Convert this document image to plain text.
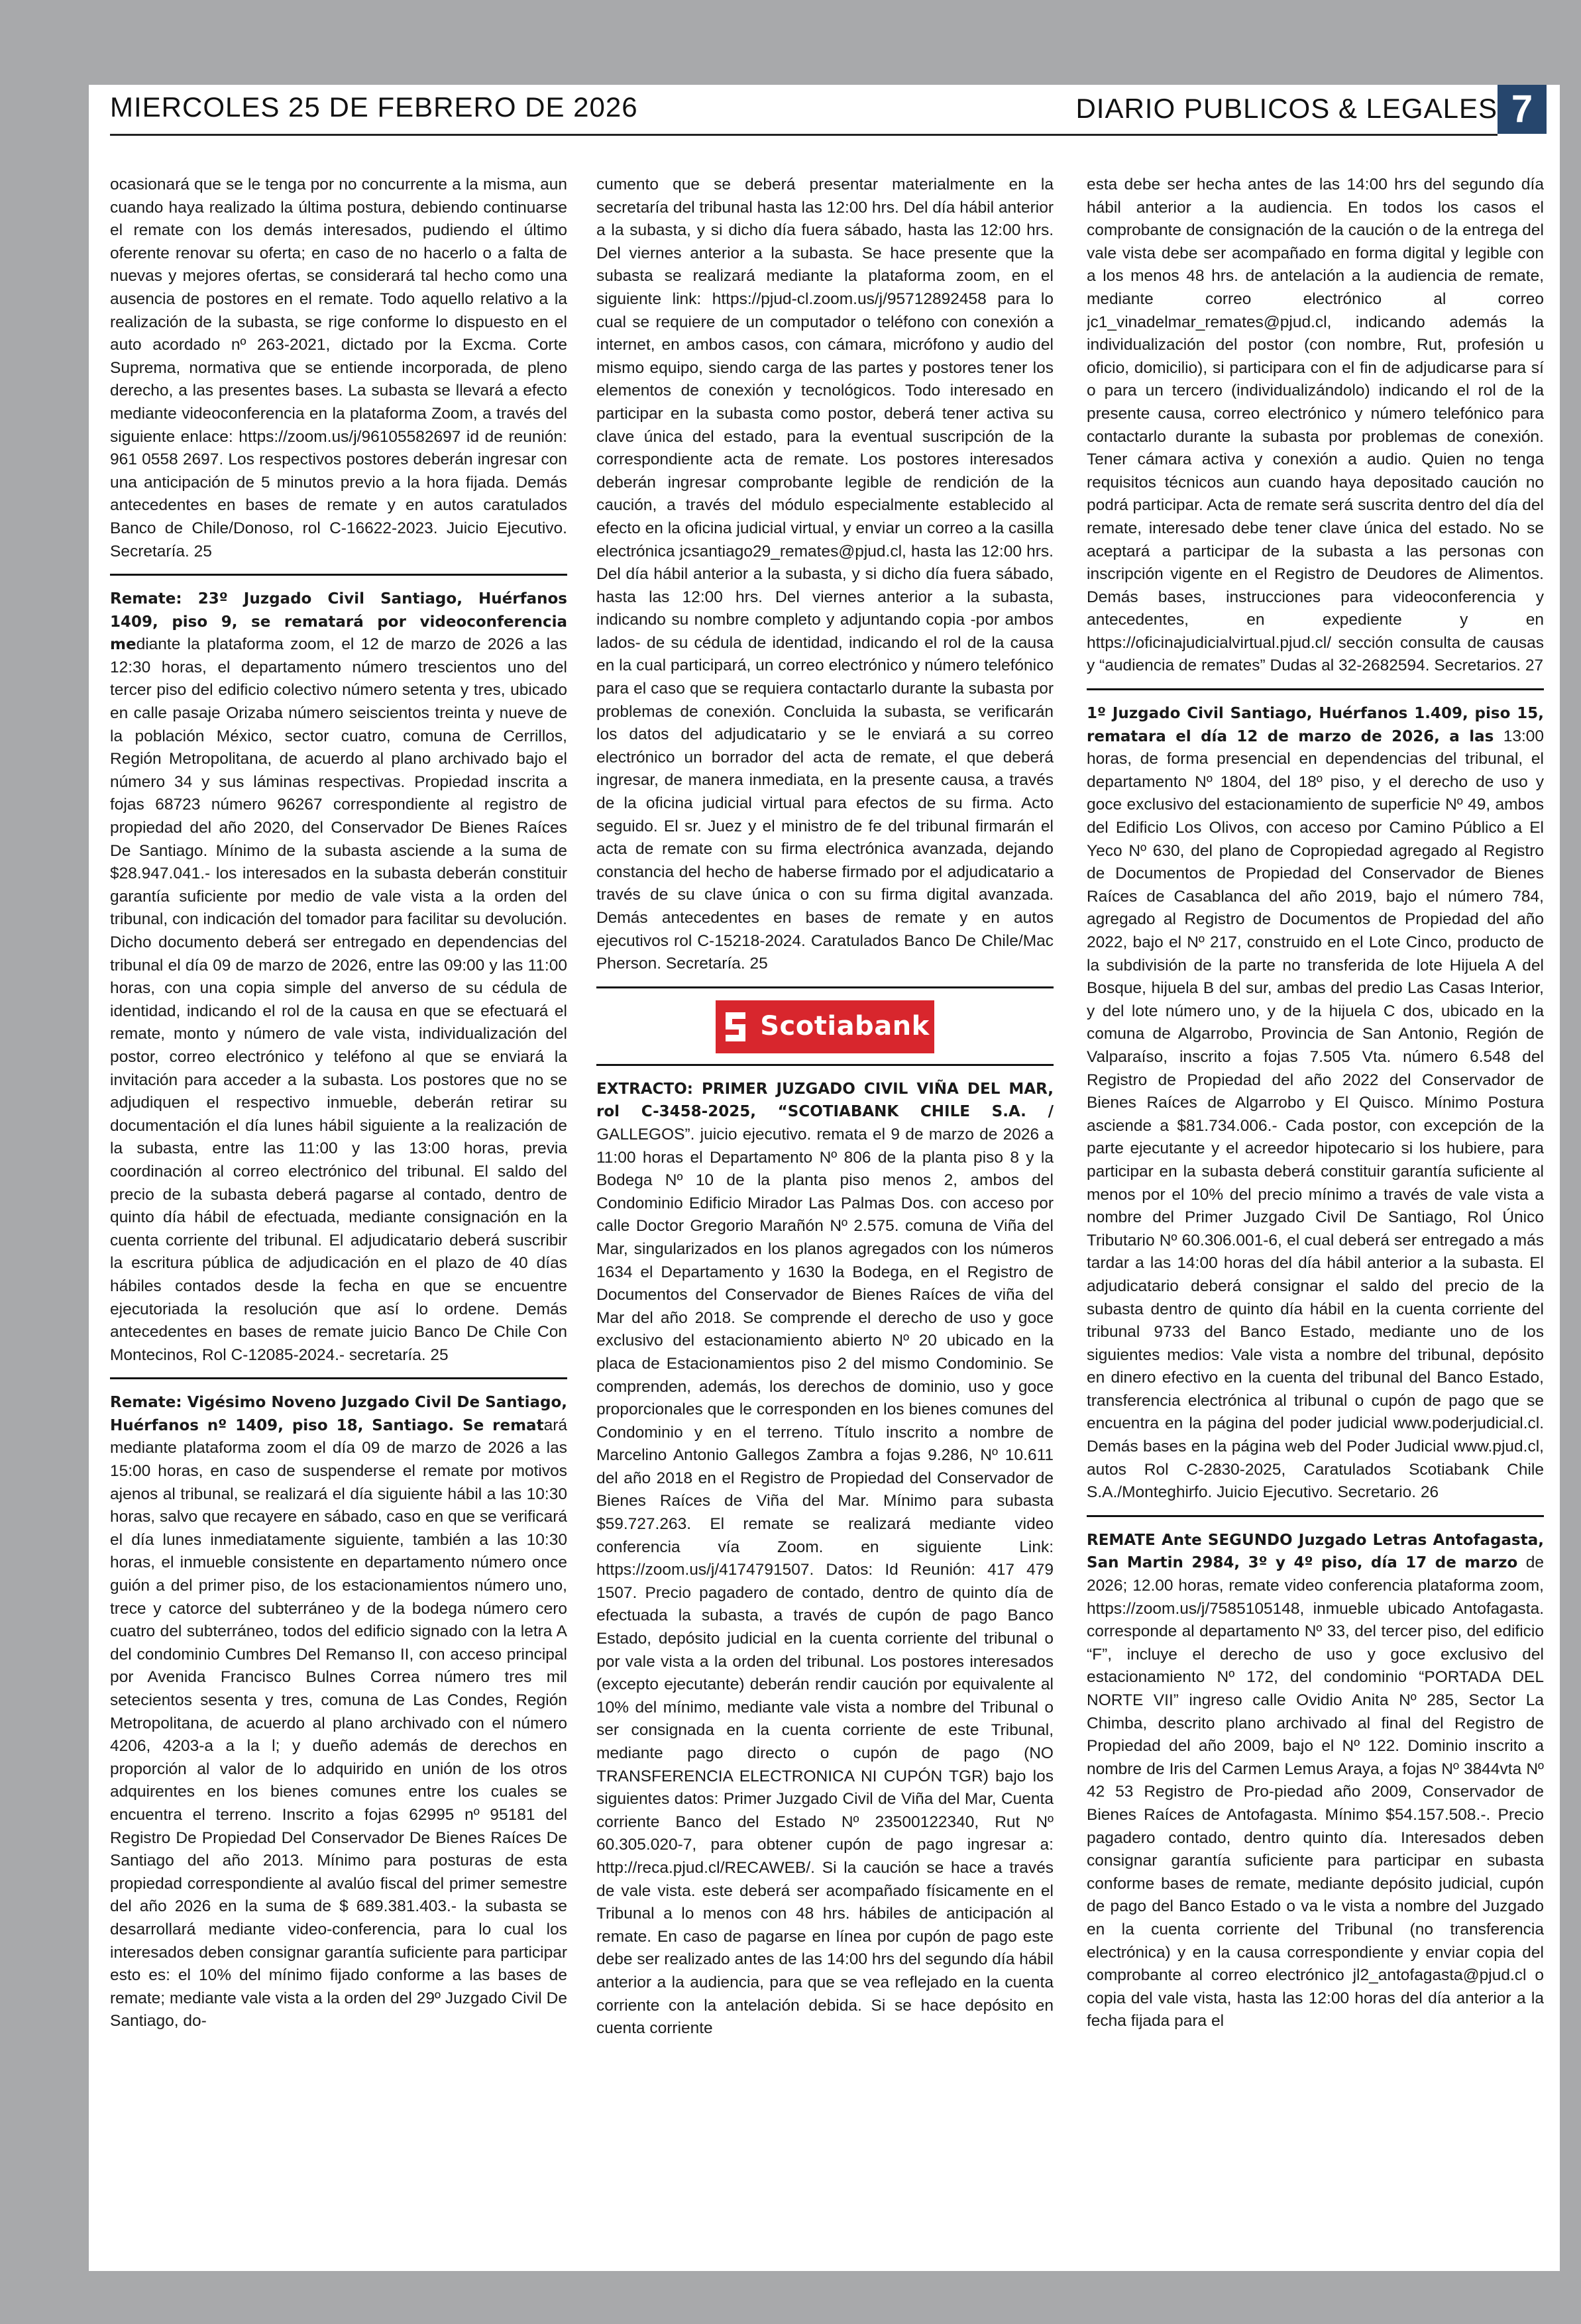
MIERCOLES 25 DE FEBRERO DE 2026	DIARIO PUBLICOS & LEGALES 7

ocasionará que se le tenga por no concurrente a la misma, aun cuando haya realizado la última postura, debiendo continuarse el remate con los demás interesados, pudiendo el último oferente renovar su oferta; en caso de no hacerlo o a falta de nuevas y mejores ofertas, se considerará tal hecho como una ausencia de postores en el remate. Todo aquello relativo a la realización de la subasta, se rige conforme lo dispuesto en el auto acordado nº 263-2021, dictado por la Excma. Corte Suprema, normativa que se entiende incorporada, de pleno derecho, a las presentes bases. La subasta se llevará a efecto mediante videoconferencia en la plataforma Zoom, a través del siguiente enlace: https://zoom.us/j/96105582697 id de reunión: 961 0558 2697. Los respectivos postores deberán ingresar con una anticipación de 5 minutos previo a la hora fijada. Demás antecedentes en bases de remate y en autos caratulados Banco de Chile/Donoso, rol C-16622-2023. Juicio Ejecutivo. Secretaría. 25

Remate: 23º Juzgado Civil Santiago, Huérfanos 1409, piso 9, se rematará por videoconferencia mediante la plataforma zoom, el 12 de marzo de 2026 a las 12:30 horas, el departamento número trescientos uno del tercer piso del edificio colectivo número setenta y tres, ubicado en calle pasaje Orizaba número seiscientos treinta y nueve de la población México, sector cuatro, comuna de Cerrillos, Región Metropolitana, de acuerdo al plano archivado bajo el número 34 y sus láminas respectivas. Propiedad inscrita a fojas 68723 número 96267 correspondiente al registro de propiedad del año 2020, del Conservador De Bienes Raíces De Santiago. Mínimo de la subasta asciende a la suma de $28.947.041.- los interesados en la subasta deberán constituir garantía suficiente por medio de vale vista a la orden del tribunal, con indicación del tomador para facilitar su devolución. Dicho documento deberá ser entregado en dependencias del tribunal el día 09 de marzo de 2026, entre las 09:00 y las 11:00 horas, con una copia simple del anverso de su cédula de identidad, indicando el rol de la causa en que se efectuará el remate, monto y número de vale vista, individualización del postor, correo electrónico y teléfono al que se enviará la invitación para acceder a la subasta. Los postores que no se adjudiquen el respectivo inmueble, deberán retirar su documentación el día lunes hábil siguiente a la realización de la subasta, entre las 11:00 y las 13:00 horas, previa coordinación al correo electrónico del tribunal. El saldo del precio de la subasta deberá pagarse al contado, dentro de quinto día hábil de efectuada, mediante consignación en la cuenta corriente del tribunal. El adjudicatario deberá suscribir la escritura pública de adjudicación en el plazo de 40 días hábiles contados desde la fecha en que se encuentre ejecutoriada la resolución que así lo ordene. Demás antecedentes en bases de remate juicio Banco De Chile Con Montecinos, Rol C-12085-2024.- secretaría. 25

Remate: Vigésimo Noveno Juzgado Civil De Santiago, Huérfanos nº 1409, piso 18, Santiago. Se rematará mediante plataforma zoom el día 09 de marzo de 2026 a las 15:00 horas, en caso de suspenderse el remate por motivos ajenos al tribunal, se realizará el día siguiente hábil a las 10:30 horas, salvo que recayere en sábado, caso en que se verificará el día lunes inmediatamente siguiente, también a las 10:30 horas, el inmueble consistente en departamento número once guión a del primer piso, de los estacionamientos número uno, trece y catorce del subterráneo y de la bodega número cero cuatro del subterráneo, todos del edificio signado con la letra A del condominio Cumbres Del Remanso II, con acceso principal por Avenida Francisco Bulnes Correa número tres mil setecientos sesenta y tres, comuna de Las Condes, Región Metropolitana, de acuerdo al plano archivado con el número 4206, 4203-a a la l; y dueño además de derechos en proporción al valor de lo adquirido en unión de los otros adquirentes en los bienes comunes entre los cuales se encuentra el terreno. Inscrito a fojas 62995 nº 95181 del Registro De Propiedad Del Conservador De Bienes Raíces De Santiago del año 2013. Mínimo para posturas de esta propiedad correspondiente al avalúo fiscal del primer semestre del año 2026 en la suma de $ 689.381.403.- la subasta se desarrollará mediante video-conferencia, para lo cual los interesados deben consignar garantía suficiente para participar esto es: el 10% del mínimo fijado conforme a las bases de remate; mediante vale vista a la orden del 29º Juzgado Civil De Santiago, do-

cumento que se deberá presentar materialmente en la secretaría del tribunal hasta las 12:00 hrs. Del día hábil anterior a la subasta, y si dicho día fuera sábado, hasta las 12:00 hrs. Del viernes anterior a la subasta. Se hace presente que la subasta se realizará mediante la plataforma zoom, en el siguiente link: https://pjud-cl.zoom.us/j/95712892458 para lo cual se requiere de un computador o teléfono con conexión a internet, en ambos casos, con cámara, micrófono y audio del mismo equipo, siendo carga de las partes y postores tener los elementos de conexión y tecnológicos. Todo interesado en participar en la subasta como postor, deberá tener activa su clave única del estado, para la eventual suscripción de la correspondiente acta de remate. Los postores interesados deberán ingresar comprobante legible de rendición de la caución, a través del módulo especialmente establecido al efecto en la oficina judicial virtual, y enviar un correo a la casilla electrónica jcsantiago29_remates@pjud.cl, hasta las 12:00 hrs. Del día hábil anterior a la subasta, y si dicho día fuera sábado, hasta las 12:00 hrs. Del viernes anterior a la subasta, indicando su nombre completo y adjuntando copia -por ambos lados- de su cédula de identidad, indicando el rol de la causa en la cual participará, un correo electrónico y número telefónico para el caso que se requiera contactarlo durante la subasta por problemas de conexión. Concluida la subasta, se verificarán los datos del adjudicatario y se le enviará a su correo electrónico un borrador del acta de remate, el que deberá ingresar, de manera inmediata, en la presente causa, a través de la oficina judicial virtual para efectos de su firma. Acto seguido. El sr. Juez y el ministro de fe del tribunal firmarán el acta de remate con su firma electrónica avanzada, dejando constancia del hecho de haberse firmado por el adjudicatario a través de su clave única o con su firma digital avanzada. Demás antecedentes en bases de remate y en autos ejecutivos rol C-15218-2024. Caratulados Banco De Chile/Mac Pherson. Secretaría. 25

Scotiabank

EXTRACTO: PRIMER JUZGADO CIVIL VIÑA DEL MAR, rol C-3458-2025, “SCOTIABANK CHILE S.A. / GALLEGOS”. juicio ejecutivo. remata el 9 de marzo de 2026 a 11:00 horas el Departamento Nº 806 de la planta piso 8 y la Bodega Nº 10 de la planta piso menos 2, ambos del Condominio Edificio Mirador Las Palmas Dos. con acceso por calle Doctor Gregorio Marañón Nº 2.575. comuna de Viña del Mar, singularizados en los planos agregados con los números 1634 el Departamento y 1630 la Bodega, en el Registro de Documentos del Conservador de Bienes Raíces de viña del Mar del año 2018. Se comprende el derecho de uso y goce exclusivo del estacionamiento abierto Nº 20 ubicado en la placa de Estacionamientos piso 2 del mismo Condominio. Se comprenden, además, los derechos de dominio, uso y goce proporcionales que le corresponden en los bienes comunes del Condominio y en el terreno. Título inscrito a nombre de Marcelino Antonio Gallegos Zambra a fojas 9.286, Nº 10.611 del año 2018 en el Registro de Propiedad del Conservador de Bienes Raíces de Viña del Mar. Mínimo para subasta $59.727.263. El remate se realizará mediante video conferencia vía Zoom. en siguiente Link: https://zoom.us/j/4174791507. Datos: Id Reunión: 417 479 1507. Precio pagadero de contado, dentro de quinto día de efectuada la subasta, a través de cupón de pago Banco Estado, depósito judicial en la cuenta corriente del tribunal o por vale vista a la orden del tribunal. Los postores interesados (excepto ejecutante) deberán rendir caución por equivalente al 10% del mínimo, mediante vale vista a nombre del Tribunal o ser consignada en la cuenta corriente de este Tribunal, mediante pago directo o cupón de pago (NO TRANSFERENCIA ELECTRONICA NI CUPÓN TGR) bajo los siguientes datos: Primer Juzgado Civil de Viña del Mar, Cuenta corriente Banco del Estado Nº 23500122340, Rut Nº 60.305.020-7, para obtener cupón de pago ingresar a: http://reca.pjud.cl/RECAWEB/. Si la caución se hace a través de vale vista. este deberá ser acompañado físicamente en el Tribunal a lo menos con 48 hrs. hábiles de anticipación al remate. En caso de pagarse en línea por cupón de pago este debe ser realizado antes de las 14:00 hrs del segundo día hábil anterior a la audiencia, para que se vea reflejado en la cuenta corriente con la antelación debida. Si se hace depósito en cuenta corriente

esta debe ser hecha antes de las 14:00 hrs del segundo día hábil anterior a la audiencia. En todos los casos el comprobante de consignación de la caución o de la entrega del vale vista debe ser acompañado en forma digital y legible con a los menos 48 hrs. de antelación a la audiencia de remate, mediante correo electrónico al correo jc1_vinadelmar_remates@pjud.cl, indicando además la individualización del postor (con nombre, Rut, profesión u oficio, domicilio), si participara con el fin de adjudicarse para sí o para un tercero (individualizándolo) indicando el rol de la presente causa, correo electrónico y número telefónico para contactarlo durante la subasta por problemas de conexión. Tener cámara activa y conexión a audio. Quien no tenga requisitos técnicos aun cuando haya depositado caución no podrá participar. Acta de remate será suscrita dentro del día del remate, interesado debe tener clave única del estado. No se aceptará a participar de la subasta a las personas con inscripción vigente en el Registro de Deudores de Alimentos. Demás bases, instrucciones para videoconferencia y antecedentes, en expediente y en https://oficinajudicialvirtual.pjud.cl/ sección consulta de causas y “audiencia de remates” Dudas al 32-2682594. Secretarios. 27

1º Juzgado Civil Santiago, Huérfanos 1.409, piso 15, rematara el día 12 de marzo de 2026, a las 13:00 horas, de forma presencial en dependencias del tribunal, el departamento Nº 1804, del 18º piso, y el derecho de uso y goce exclusivo del estacionamiento de superficie Nº 49, ambos del Edificio Los Olivos, con acceso por Camino Público a El Yeco Nº 630, del plano de Copropiedad agregado al Registro de Documentos de Propiedad del Conservador de Bienes Raíces de Casablanca del año 2019, bajo el número 784, agregado al Registro de Documentos de Propiedad del año 2022, bajo el Nº 217, construido en el Lote Cinco, producto de la subdivisión de la parte no transferida de lote Hijuela A del Bosque, hijuela B del sur, ambas del predio Las Casas Interior, y del lote número uno, y de la hijuela C dos, ubicado en la comuna de Algarrobo, Provincia de San Antonio, Región de Valparaíso, inscrito a fojas 7.505 Vta. número 6.548 del Registro de Propiedad del año 2022 del Conservador de Bienes Raíces de Algarrobo y El Quisco. Mínimo Postura asciende a $81.734.006.- Cada postor, con excepción de la parte ejecutante y el acreedor hipotecario si los hubiere, para participar en la subasta deberá constituir garantía suficiente al menos por el 10% del precio mínimo a través de vale vista a nombre del Primer Juzgado Civil De Santiago, Rol Único Tributario Nº 60.306.001-6, el cual deberá ser entregado a más tardar a las 14:00 horas del día hábil anterior a la subasta. El adjudicatario deberá consignar el saldo del precio de la subasta dentro de quinto día hábil en la cuenta corriente del tribunal 9733 del Banco Estado, mediante uno de los siguientes medios: Vale vista a nombre del tribunal, depósito en dinero efectivo en la cuenta del tribunal del Banco Estado, transferencia electrónica al tribunal o cupón de pago que se encuentra en la página del poder judicial www.poderjudicial.cl. Demás bases en la página web del Poder Judicial www.pjud.cl, autos Rol C-2830-2025, Caratulados Scotiabank Chile S.A./Monteghirfo. Juicio Ejecutivo. Secretario. 26

REMATE Ante SEGUNDO Juzgado Letras Antofagasta, San Martin 2984, 3º y 4º piso, día 17 de marzo de 2026; 12.00 horas, remate video conferencia plataforma zoom, https://zoom.us/j/7585105148, inmueble ubicado Antofagasta. corresponde al departamento Nº 33, del tercer piso, del edificio “F”, incluye el derecho de uso y goce exclusivo del estacionamiento Nº 172, del condominio “PORTADA DEL NORTE VII” ingreso calle Ovidio Anita Nº 285, Sector La Chimba, descrito plano archivado al final del Registro de Propiedad del año 2009, bajo el Nº 122. Dominio inscrito a nombre de Iris del Carmen Lemus Araya, a fojas Nº 3844vta Nº 42 53 Registro de Pro-piedad año 2009, Conservador de Bienes Raíces de Antofagasta. Mínimo $54.157.508.-. Precio pagadero contado, dentro quinto día. Interesados deben consignar garantía suficiente para participar en subasta conforme bases de remate, mediante depósito judicial, cupón de pago del Banco Estado o va le vista a nombre del Juzgado en la cuenta corriente del Tribunal (no transferencia electrónica) y en la causa correspondiente y enviar copia del comprobante al correo electrónico jl2_antofagasta@pjud.cl o copia del vale vista, hasta las 12:00 horas del día anterior a la fecha fijada para el
